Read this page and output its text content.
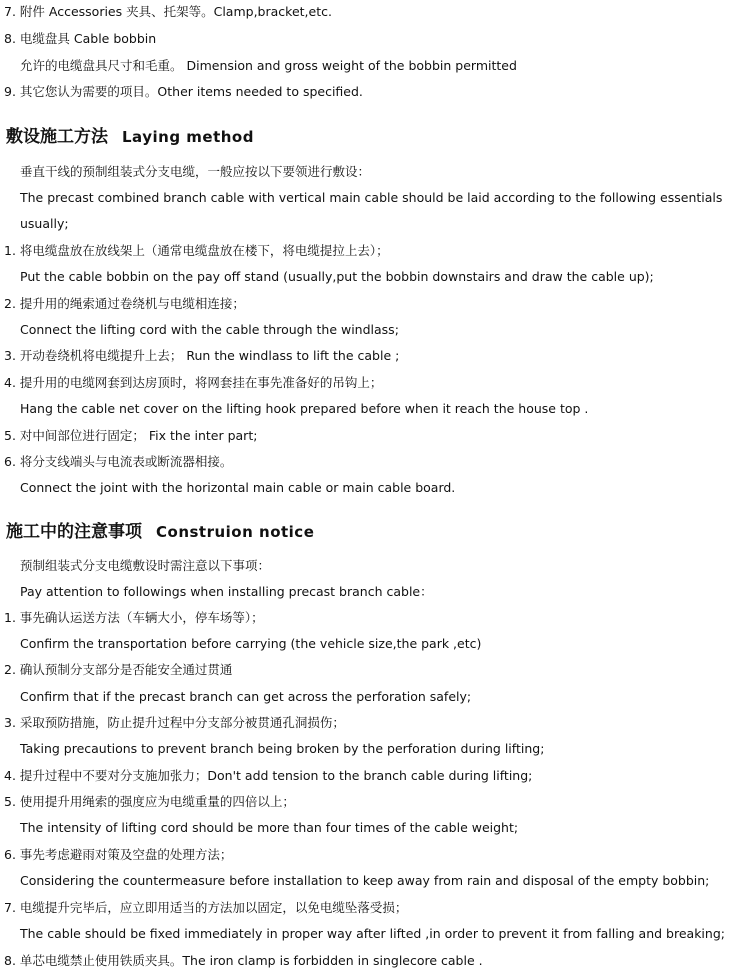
7. 附件 Accessories 夹具、托架等。Clamp,bracket,etc.
8. 电缆盘具 Cable bobbin
允许的电缆盘具尺寸和毛重。 Dimension and gross weight of the bobbin permitted
9. 其它您认为需要的项目。Other items needed to specified.
敷设施工方法 Laying method
垂直干线的预制组装式分支电缆，一般应按以下要领进行敷设：
The precast combined branch cable with vertical main cable should be laid according to the following essentials
usually;
1. 将电缆盘放在放线架上（通常电缆盘放在楼下，将电缆提拉上去）；
Put the cable bobbin on the pay off stand (usually,put the bobbin downstairs and draw the cable up);
2. 提升用的绳索通过卷绕机与电缆相连接；
Connect the lifting cord with the cable through the windlass;
3. 开动卷绕机将电缆提升上去； Run the windlass to lift the cable ;
4. 提升用的电缆网套到达房顶时，将网套挂在事先准备好的吊钩上；
Hang the cable net cover on the lifting hook prepared before when it reach the house top .
5. 对中间部位进行固定； Fix the inter part;
6. 将分支线端头与电流表或断流器相接。
Connect the joint with the horizontal main cable or main cable board.
施工中的注意事项 Construion notice
预制组装式分支电缆敷设时需注意以下事项：
Pay attention to followings when installing precast branch cable：
1. 事先确认运送方法（车辆大小，停车场等）；
Confirm the transportation before carrying (the vehicle size,the park ,etc)
2. 确认预制分支部分是否能安全通过贯通
Confirm that if the precast branch can get across the perforation safely;
3. 采取预防措施，防止提升过程中分支部分被贯通孔洞损伤；
Taking precautions to prevent branch being broken by the perforation during lifting;
4. 提升过程中不要对分支施加张力；Don't add tension to the branch cable during lifting;
5. 使用提升用绳索的强度应为电缆重量的四倍以上；
The intensity of lifting cord should be more than four times of the cable weight;
6. 事先考虑避雨对策及空盘的处理方法；
Considering the countermeasure before installation to keep away from rain and disposal of the empty bobbin;
7. 电缆提升完毕后，应立即用适当的方法加以固定，以免电缆坠落受损；
The cable should be fixed immediately in proper way after lifted ,in order to prevent it from falling and breaking;
8. 单芯电缆禁止使用铁质夹具。The iron clamp is forbidden in singlecore cable .
